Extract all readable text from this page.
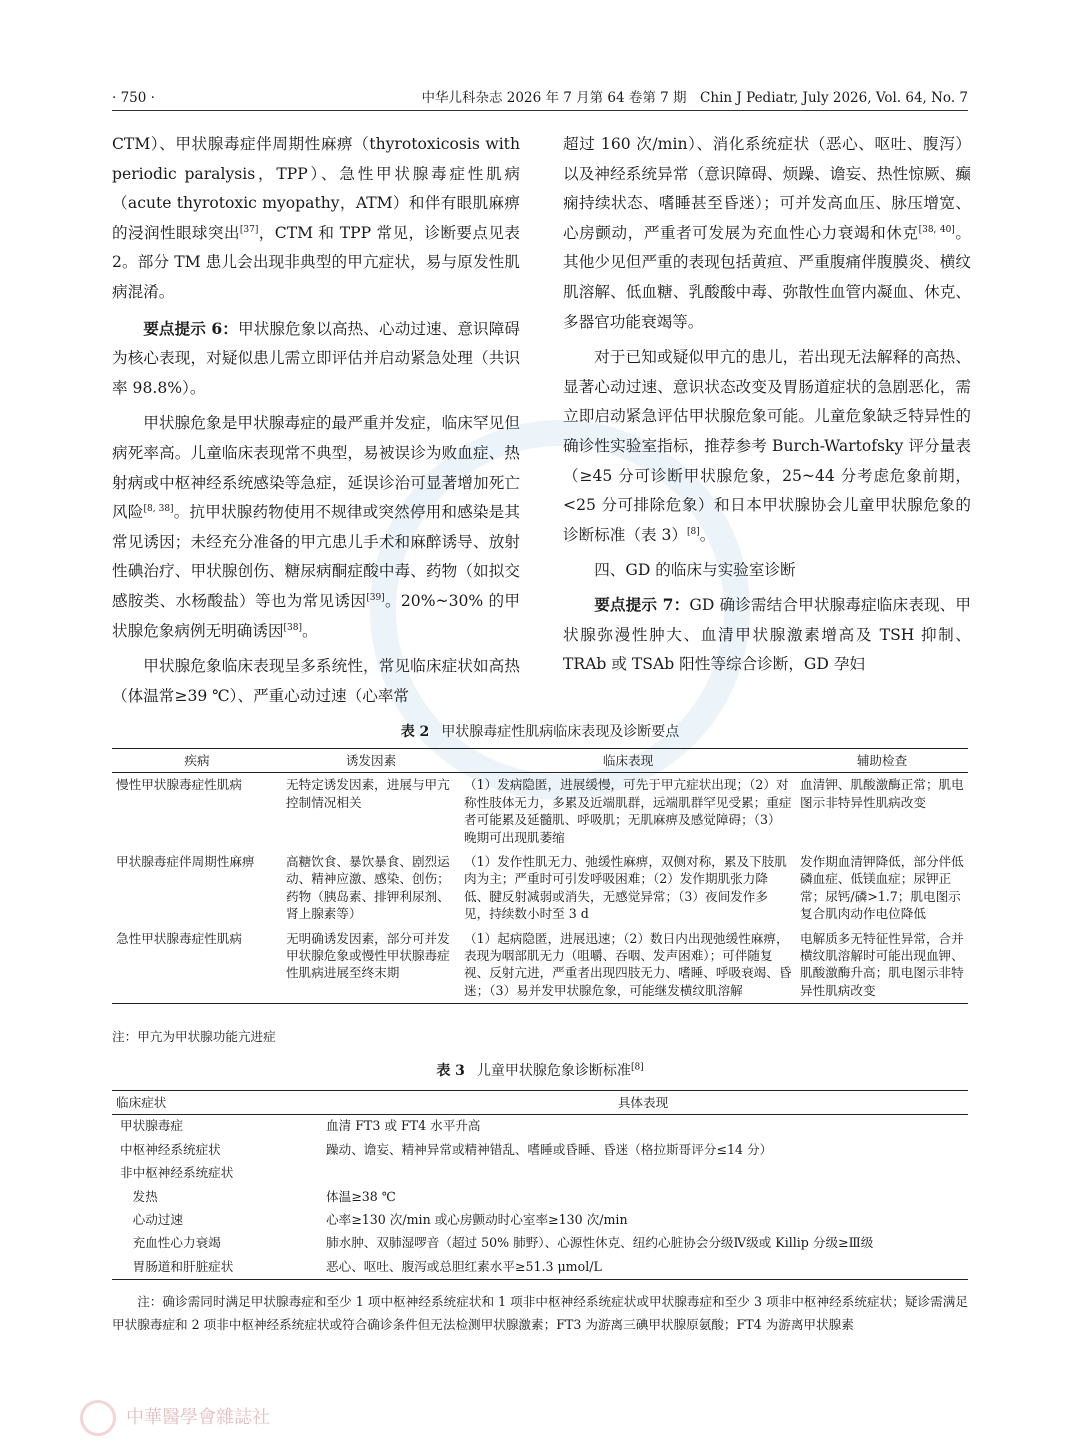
· 750 ·	中华儿科杂志 2026 年 7 月第 64 卷第 7 期　Chin J Pediatr, July 2026, Vol. 64, No. 7

CTM）、甲状腺毒症伴周期性麻痹（thyrotoxicosis with periodic paralysis，TPP）、急性甲状腺毒症性肌病（acute thyrotoxic myopathy，ATM）和伴有眼肌麻痹的浸润性眼球突出[37]，CTM 和 TPP 常见，诊断要点见表 2。部分 TM 患儿会出现非典型的甲亢症状，易与原发性肌病混淆。

要点提示 6：甲状腺危象以高热、心动过速、意识障碍为核心表现，对疑似患儿需立即评估并启动紧急处理（共识率 98.8%）。

甲状腺危象是甲状腺毒症的最严重并发症，临床罕见但病死率高。儿童临床表现常不典型，易被误诊为败血症、热射病或中枢神经系统感染等急症，延误诊治可显著增加死亡风险[8, 38]。抗甲状腺药物使用不规律或突然停用和感染是其常见诱因；未经充分准备的甲亢患儿手术和麻醉诱导、放射性碘治疗、甲状腺创伤、糖尿病酮症酸中毒、药物（如拟交感胺类、水杨酸盐）等也为常见诱因[39]。20%~30% 的甲状腺危象病例无明确诱因[38]。

甲状腺危象临床表现呈多系统性，常见临床症状如高热（体温常≥39 ℃）、严重心动过速（心率常

超过 160 次/min）、消化系统症状（恶心、呕吐、腹泻）以及神经系统异常（意识障碍、烦躁、谵妄、热性惊厥、癫痫持续状态、嗜睡甚至昏迷）；可并发高血压、脉压增宽、心房颤动，严重者可发展为充血性心力衰竭和休克[38, 40]。其他少见但严重的表现包括黄疸、严重腹痛伴腹膜炎、横纹肌溶解、低血糖、乳酸酸中毒、弥散性血管内凝血、休克、多器官功能衰竭等。

对于已知或疑似甲亢的患儿，若出现无法解释的高热、显著心动过速、意识状态改变及胃肠道症状的急剧恶化，需立即启动紧急评估甲状腺危象可能。儿童危象缺乏特异性的确诊性实验室指标，推荐参考 Burch-Wartofsky 评分量表（≥45 分可诊断甲状腺危象，25~44 分考虑危象前期，<25 分可排除危象）和日本甲状腺协会儿童甲状腺危象的诊断标准（表 3）[8]。

四、GD 的临床与实验室诊断

要点提示 7：GD 确诊需结合甲状腺毒症临床表现、甲状腺弥漫性肿大、血清甲状腺激素增高及 TSH 抑制、TRAb 或 TSAb 阳性等综合诊断，GD 孕妇

表 2 甲状腺毒症性肌病临床表现及诊断要点
疾病	诱发因素	临床表现	辅助检查
慢性甲状腺毒症性肌病	无特定诱发因素，进展与甲亢控制情况相关	（1）发病隐匿，进展缓慢，可先于甲亢症状出现；（2）对称性肢体无力，多累及近端肌群，远端肌群罕见受累；重症者可能累及延髓肌、呼吸肌；无肌麻痹及感觉障碍；（3）晚期可出现肌萎缩	血清钾、肌酸激酶正常；肌电图示非特异性肌病改变
甲状腺毒症伴周期性麻痹	高糖饮食、暴饮暴食、剧烈运动、精神应激、感染、创伤；药物（胰岛素、排钾利尿剂、肾上腺素等）	（1）发作性肌无力、弛缓性麻痹，双侧对称，累及下肢肌肉为主；严重时可引发呼吸困难；（2）发作期肌张力降低、腱反射减弱或消失，无感觉异常；（3）夜间发作多见，持续数小时至 3 d	发作期血清钾降低，部分伴低磷血症、低镁血症；尿钾正常；尿钙/磷>1.7；肌电图示复合肌肉动作电位降低
急性甲状腺毒症性肌病	无明确诱发因素，部分可并发甲状腺危象或慢性甲状腺毒症性肌病进展至终末期	（1）起病隐匿，进展迅速；（2）数日内出现弛缓性麻痹，表现为咽部肌无力（咀嚼、吞咽、发声困难）；可伴随复视、反射亢进，严重者出现四肢无力、嗜睡、呼吸衰竭、昏迷；（3）易并发甲状腺危象，可能继发横纹肌溶解	电解质多无特征性异常，合并横纹肌溶解时可能出现血钾、肌酸激酶升高；肌电图示非特异性肌病改变
注：甲亢为甲状腺功能亢进症
表 3 儿童甲状腺危象诊断标准[8]
临床症状	具体表现
甲状腺毒症	血清 FT3 或 FT4 水平升高
中枢神经系统症状	躁动、谵妄、精神异常或精神错乱、嗜睡或昏睡、昏迷（格拉斯哥评分≤14 分）
非中枢神经系统症状	
　发热	体温≥38 ℃
　心动过速	心率≥130 次/min 或心房颤动时心室率≥130 次/min
　充血性心力衰竭	肺水肿、双肺湿啰音（超过 50% 肺野）、心源性休克、纽约心脏协会分级Ⅳ级或 Killip 分级≥Ⅲ级
　胃肠道和肝脏症状	恶心、呕吐、腹泻或总胆红素水平≥51.3 μmol/L
注：确诊需同时满足甲状腺毒症和至少 1 项中枢神经系统症状和 1 项非中枢神经系统症状或甲状腺毒症和至少 3 项非中枢神经系统症状；疑诊需满足甲状腺毒症和 2 项非中枢神经系统症状或符合确诊条件但无法检测甲状腺激素；FT3 为游离三碘甲状腺原氨酸；FT4 为游离甲状腺素
中華醫學會雜誌社
